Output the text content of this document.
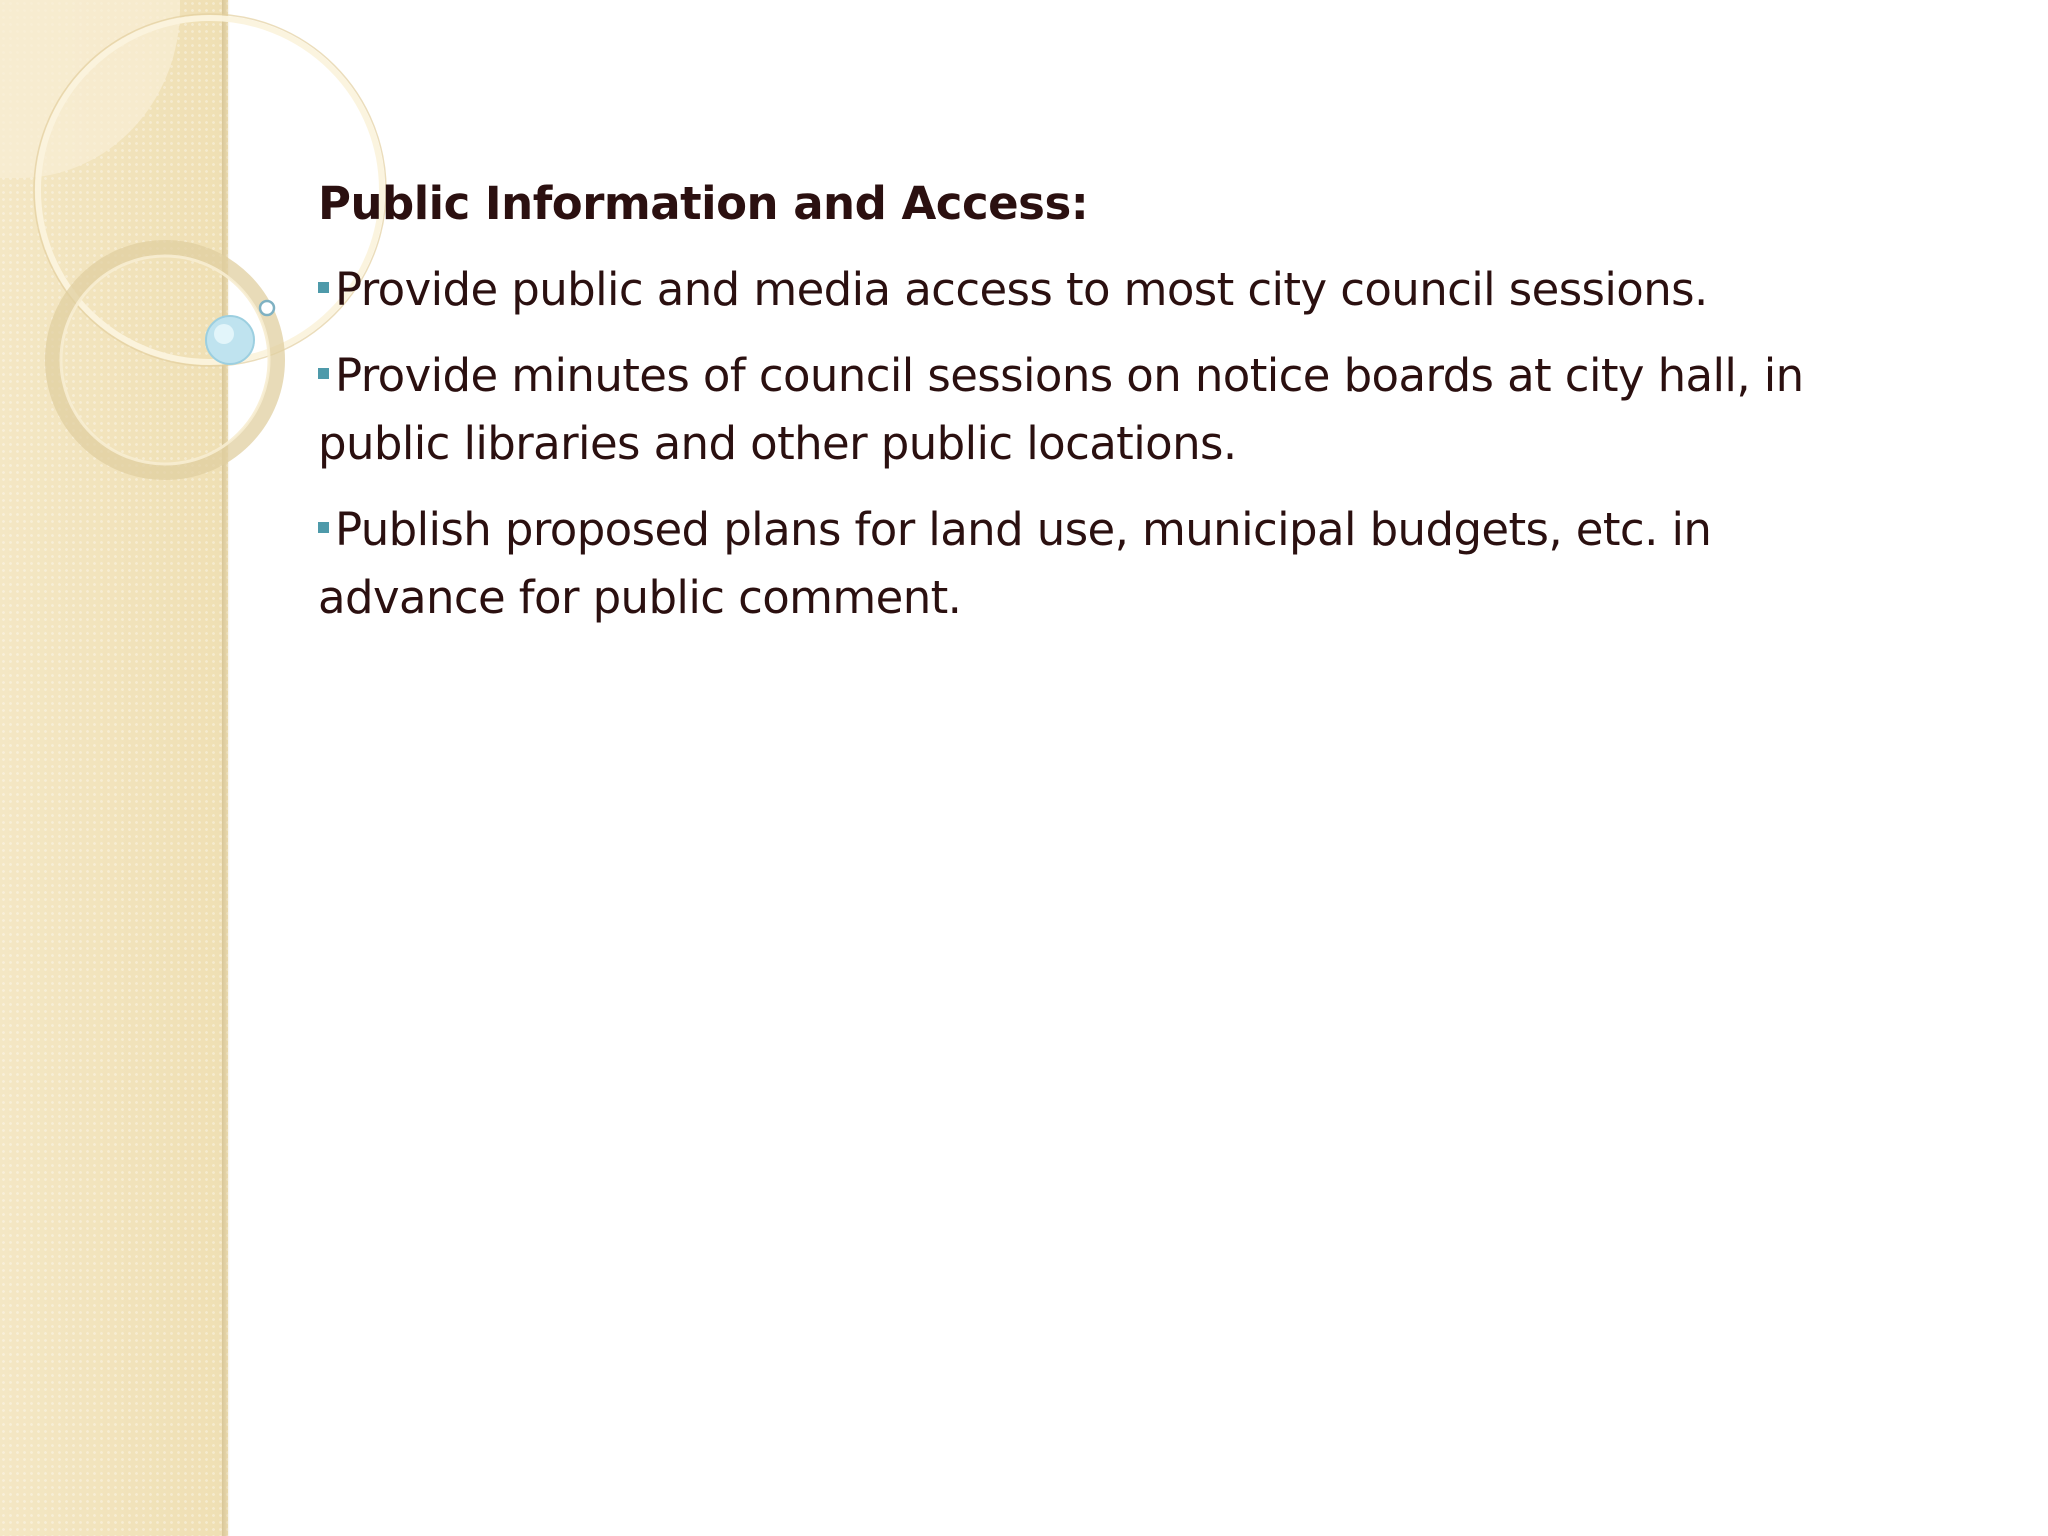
Public Information and Access:
Provide public and media access to most city council sessions.
Provide minutes of council sessions on notice boards at city hall, in public libraries and other public locations.
Publish proposed plans for land use, municipal budgets, etc. in advance for public comment.
